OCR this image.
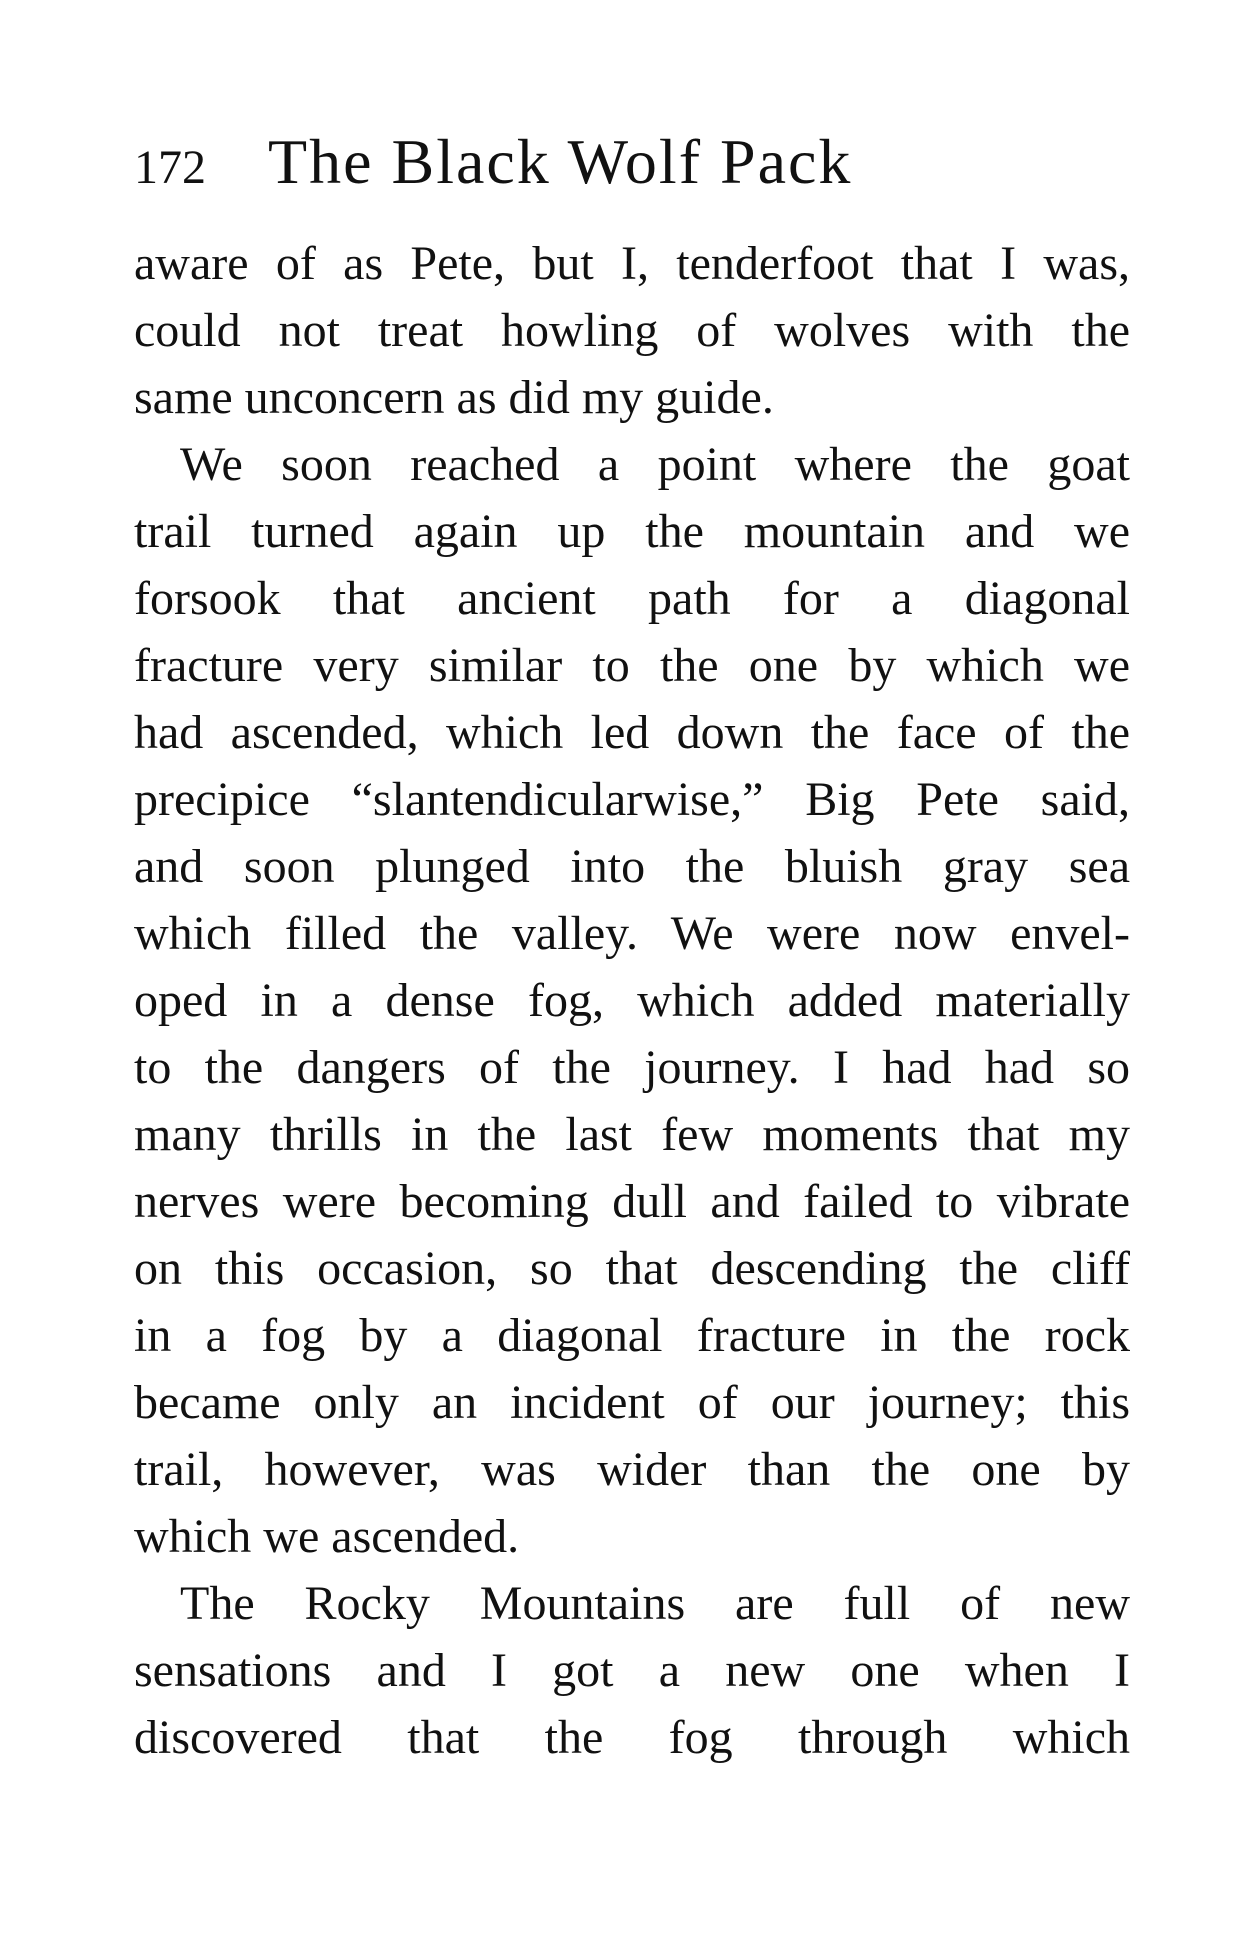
172 The Black Wolf Pack

aware of as Pete, but I, tenderfoot that I was,
could not treat howling of wolves with the
same unconcern as did my guide.

We soon reached a point where the goat
trail turned again up the mountain and we
forsook that ancient path for a diagonal
fracture very similar to the one by which we
had ascended, which led down the face of the
precipice “slantendicularwise,” Big Pete said,
and soon plunged into the bluish gray sea
which filled the valley. We were now envel-
oped in a dense fog, which added materially
to the dangers of the journey. I had had so
many thrills in the last few moments that my
nerves were becoming dull and failed to vibrate
on this occasion, so that descending the cliff
in a fog by a diagonal fracture in the rock
became only an incident of our journey; this
trail, however, was wider than the one by
which we ascended.

The Rocky Mountains are full of new
sensations and I got a new one when I
discovered that the fog through which
